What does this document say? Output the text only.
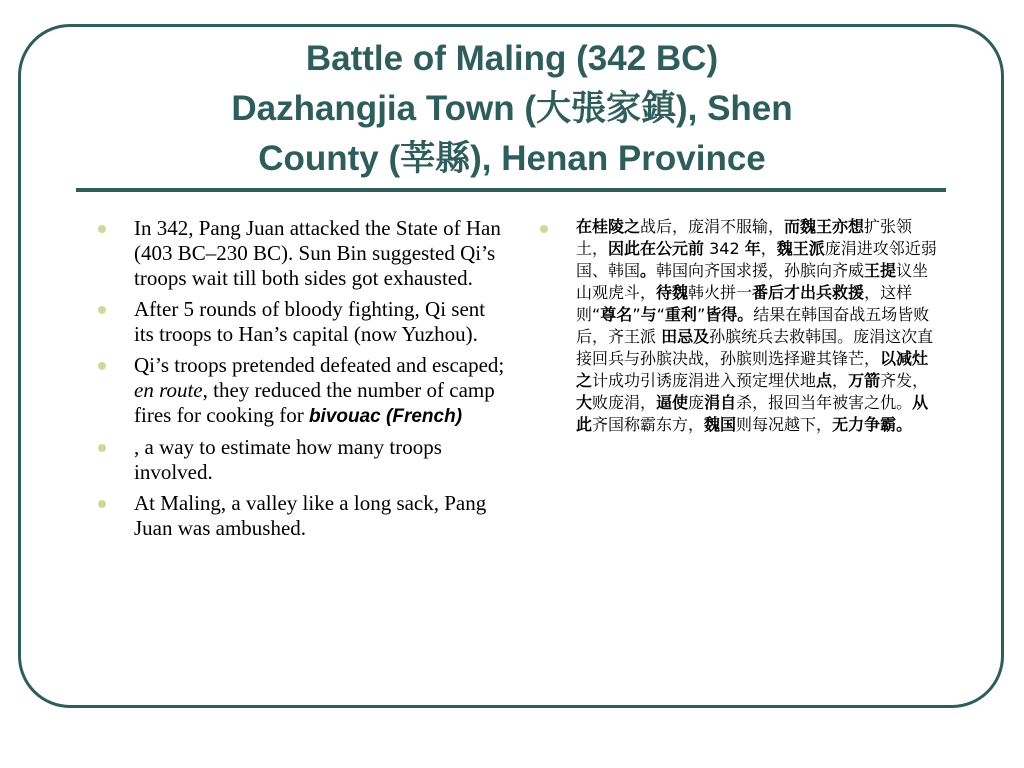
Battle of Maling (342 BC)
Dazhangjia Town (大張家鎮), Shen
County (莘縣), Henan Province
In 342, Pang Juan attacked the State of Han (403 BC–230 BC). Sun Bin suggested Qi’s troops wait till both sides got exhausted.
After 5 rounds of bloody fighting, Qi sent its troops to Han’s capital (now Yuzhou).
Qi’s troops pretended defeated and escaped; en route, they reduced the number of camp fires for cooking for bivouac (French)
, a way to estimate how many troops involved.
At Maling, a valley like a long sack, Pang Juan was ambushed.
在桂陵之战后，庞涓不服输，而魏王亦想扩张领土，因此在公元前 342 年，魏王派庞涓进攻邻近弱国、韩国。韩国向齐国求援，孙膑向齐威王提议坐山观虎斗，待魏韩火拼一番后才出兵救援，这样则“尊名”与“重利”皆得。结果在韩国奋战五场皆败后，齐王派 田忌及孙膑统兵去救韩国。庞涓这次直接回兵与孙膑决战，孙膑则选择避其锋芒，以减灶之计成功引诱庞涓进入预定埋伏地点，万箭齐发，大败庞涓，逼使庞涓自杀，报回当年被害之仇。从此齐国称霸东方，魏国则每况越下，无力争霸。
